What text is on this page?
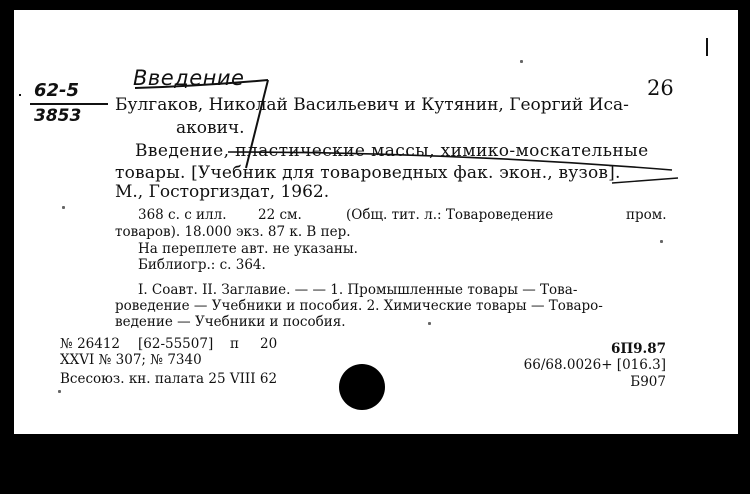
Введение
62-5
3853
26
Булгаков, Николай Васильевич и Кутянин, Георгий Иса-
акович.
Введение, пластические массы, химико-москательные
товары. [Учебник для товароведных фак. экон., вузов].
М., Госторгиздат, 1962.
368 с. с илл. 22 см.	(Общ. тит. л.: Товароведение	пром.
товаров). 18.000 экз. 87 к. В пер.
На переплете авт. не указаны.
Библиогр.: с. 364.
I. Соавт. II. Заглавие. — — 1. Промышленные товары — Това-
роведение — Учебники и пособия. 2. Химические товары — Товаро-
ведение — Учебники и пособия.
№ 26412 [62-55507] п 20
XXVI № 307; № 7340
Всесоюз. кн. палата 25 VIII 62
6П9.87
66/68.0026+ [016.3]
Б907
